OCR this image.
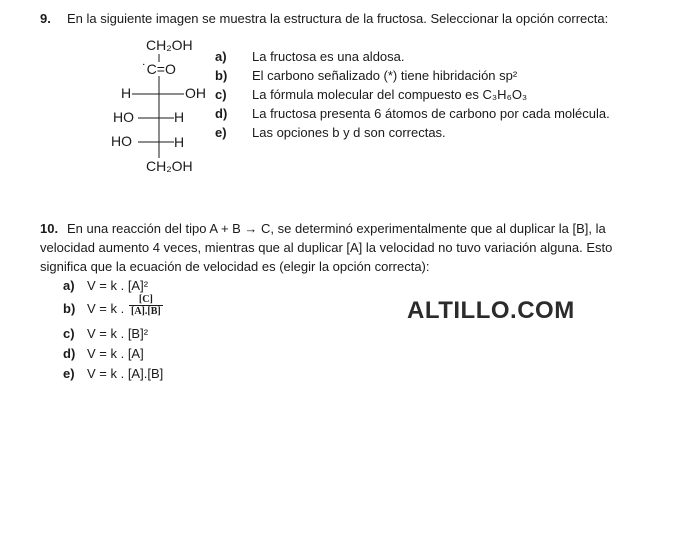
9. En la siguiente imagen se muestra la estructura de la fructosa. Seleccionar la opción correcta:
CH₂OH
˙C=O
H	OH
HO	H
HO	H
CH₂OH
a) La fructosa es una aldosa.
b) El carbono señalizado (*) tiene hibridación sp²
c) La fórmula molecular del compuesto es C₃H₆O₃
d) La fructosa presenta 6 átomos de carbono por cada molécula.
e) Las opciones b y d son correctas.
10. En una reacción del tipo A + B → C, se determinó experimentalmente que al duplicar la [B], la
velocidad aumento 4 veces, mientras que al duplicar [A] la velocidad no tuvo variación alguna. Esto
significa que la ecuación de velocidad es (elegir la opción correcta):
a) V = k . [A]²
b) V = k . $\frac{[C]}{[A].[B]}$
c) V = k . [B]²
d) V = k . [A]
e) V = k . [A].[B]
ALTILLO.COM
